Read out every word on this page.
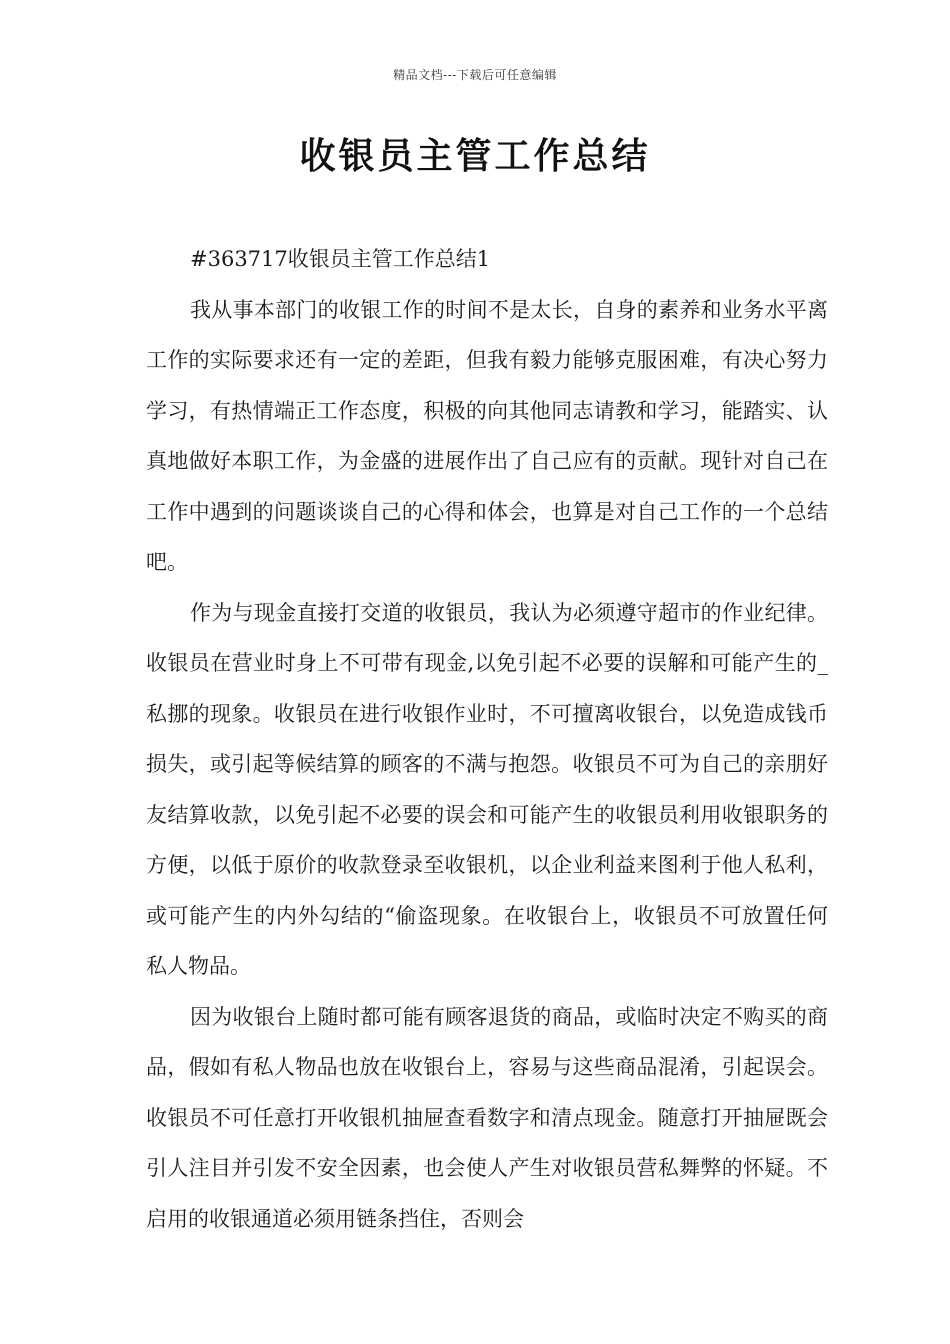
精品文档---下载后可任意编辑
收银员主管工作总结

#363717收银员主管工作总结1

我从事本部门的收银工作的时间不是太长，自身的素养和业务水平离工作的实际要求还有一定的差距，但我有毅力能够克服困难，有决心努力学习，有热情端正工作态度，积极的向其他同志请教和学习，能踏实、认真地做好本职工作，为金盛的进展作出了自己应有的贡献。现针对自己在工作中遇到的问题谈谈自己的心得和体会，也算是对自己工作的一个总结吧。

作为与现金直接打交道的收银员，我认为必须遵守超市的作业纪律。收银员在营业时身上不可带有现金,以免引起不必要的误解和可能产生的_私挪的现象。收银员在进行收银作业时，不可擅离收银台，以免造成钱币损失，或引起等候结算的顾客的不满与抱怨。收银员不可为自己的亲朋好友结算收款，以免引起不必要的误会和可能产生的收银员利用收银职务的方便，以低于原价的收款登录至收银机，以企业利益来图利于他人私利，或可能产生的内外勾结的“偷盗现象。在收银台上，收银员不可放置任何私人物品。

因为收银台上随时都可能有顾客退货的商品，或临时决定不购买的商品，假如有私人物品也放在收银台上，容易与这些商品混淆，引起误会。收银员不可任意打开收银机抽屉查看数字和清点现金。随意打开抽屉既会引人注目并引发不安全因素，也会使人产生对收银员营私舞弊的怀疑。不启用的收银通道必须用链条挡住，否则会
